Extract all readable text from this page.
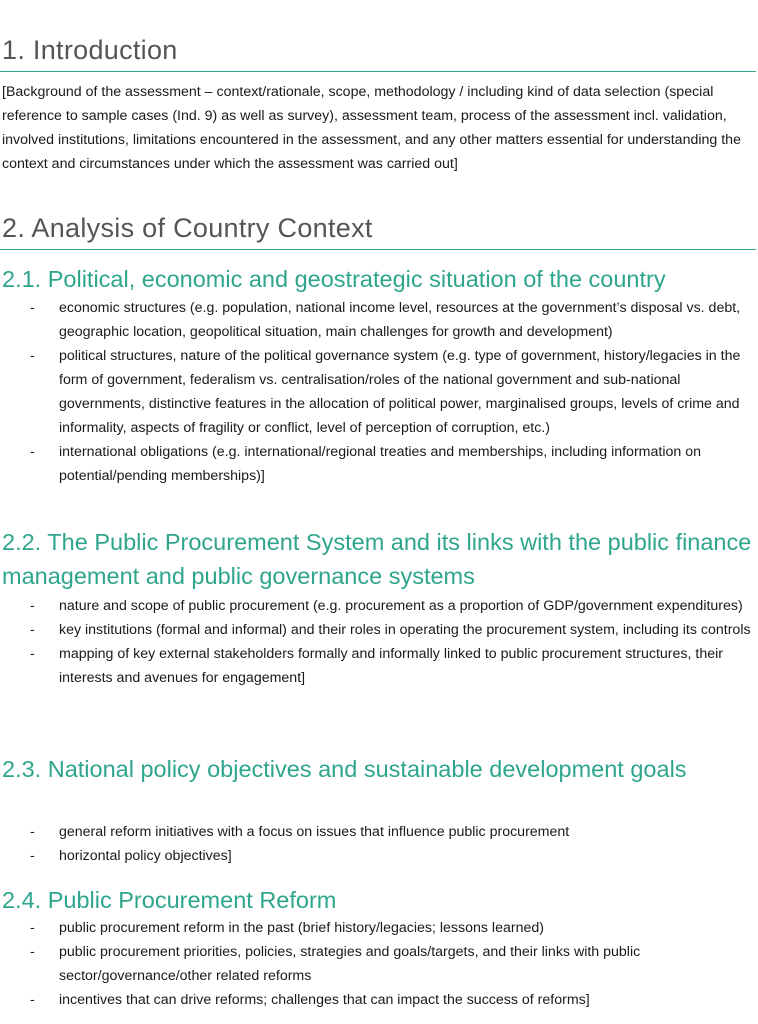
1. Introduction
[Background of the assessment – context/rationale, scope, methodology / including kind of data selection (special reference to sample cases (Ind. 9) as well as survey), assessment team, process of the assessment incl. validation, involved institutions, limitations encountered in the assessment, and any other matters essential for understanding the context and circumstances under which the assessment was carried out]
2. Analysis of Country Context
2.1. Political, economic and geostrategic situation of the country
- economic structures (e.g. population, national income level, resources at the government’s disposal vs. debt, geographic location, geopolitical situation, main challenges for growth and development)
- political structures, nature of the political governance system (e.g. type of government, history/legacies in the form of government, federalism vs. centralisation/roles of the national government and sub-national governments, distinctive features in the allocation of political power, marginalised groups, levels of crime and informality, aspects of fragility or conflict, level of perception of corruption, etc.)
- international obligations (e.g. international/regional treaties and memberships, including information on potential/pending memberships)]
2.2. The Public Procurement System and its links with the public finance management and public governance systems
- nature and scope of public procurement (e.g. procurement as a proportion of GDP/government expenditures)
- key institutions (formal and informal) and their roles in operating the procurement system, including its controls
- mapping of key external stakeholders formally and informally linked to public procurement structures, their interests and avenues for engagement]
2.3. National policy objectives and sustainable development goals
- general reform initiatives with a focus on issues that influence public procurement
- horizontal policy objectives]
2.4. Public Procurement Reform
- public procurement reform in the past (brief history/legacies; lessons learned)
- public procurement priorities, policies, strategies and goals/targets, and their links with public sector/governance/other related reforms
- incentives that can drive reforms; challenges that can impact the success of reforms]
